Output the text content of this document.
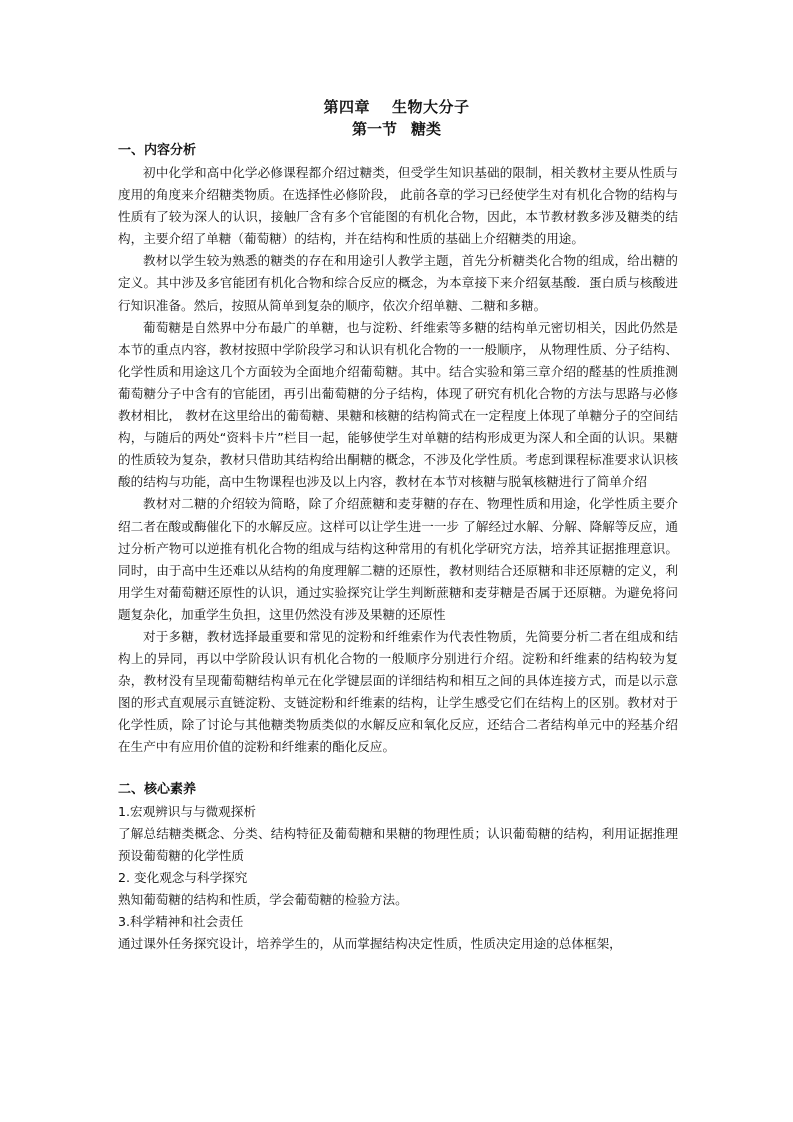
第四章 生物大分子
第一节 糖类
一、内容分析

初中化学和高中化学必修课程都介绍过糖类，但受学生知识基础的限制，相关教材主要从性质与度用的角度来介绍糖类物质。在选择性必修阶段， 此前各章的学习已经使学生对有机化合物的结构与性质有了较为深人的认识，接触厂含有多个官能图的有机化合物，因此，本节教材教多涉及糖类的结构，主要介绍了单糖（葡萄糖）的结构，并在结构和性质的基础上介绍糖类的用途。

教材以学生较为熟悉的糖类的存在和用途引人教学主题，首先分析糖类化合物的组成，给出糖的定义。其中涉及多官能团有机化合物和综合反应的概念，为本章接下来介绍氨基酸．蛋白质与核酸进行知识准备。然后，按照从简单到复杂的顺序，依次介绍单糖、二糖和多糖。

葡萄糖是自然界中分布最广的单糖，也与淀粉、纤维索等多糖的结构单元密切相关，因此仍然是本节的重点内容，教材按照中学阶段学习和认识有机化合物的一一般顺序， 从物理性质、分子结构、化学性质和用途这几个方面较为全面地介绍葡萄糖。其中。结合实验和第三章介绍的醛基的性质推测葡萄糖分子中含有的官能团，再引出葡萄糖的分子结构，体现了研究有机化合物的方法与思路与必修教材相比， 教材在这里给出的葡萄糖、果糖和核糖的结构简式在一定程度上体现了单糖分子的空间结构，与随后的两处“资料卡片”栏目一起，能够使学生对单糖的结构形成更为深人和全面的认识。果糖的性质较为复杂，教材只借助其结构给出酮糖的概念，不涉及化学性质。考虑到课程标准要求认识核酸的结构与功能，高中生物课程也涉及以上内容，教材在本节对核糖与脱氧核糖进行了简单介绍

教材对二糖的介绍较为简略，除了介绍蔗糖和麦芽糖的存在、物理性质和用途，化学性质主要介绍二者在酸或酶催化下的水解反应。这样可以让学生进一一步 了解经过水解、分解、降解等反应，通过分析产物可以逆推有机化合物的组成与结构这种常用的有机化学研究方法，培养其证据推理意识。同时，由于高中生还难以从结构的角度理解二糖的还原性，教材则结合还原糖和非还原糖的定义，利用学生对葡萄糖还原性的认识，通过实验探究让学生判断蔗糖和麦芽糖是否属于还原糖。为避免将问题复杂化，加重学生负担，这里仍然没有涉及果糖的还原性

对于多糖，教材选择最重要和常见的淀粉和纤维索作为代表性物质，先简要分析二者在组成和结构上的异同，再以中学阶段认识有机化合物的一般顺序分别进行介绍。淀粉和纤维素的结构较为复杂，教材没有呈现葡萄糖结构单元在化学键层面的详细结构和相互之间的具体连接方式，而是以示意图的形式直观展示直链淀粉、支链淀粉和纤维素的结构，让学生感受它们在结构上的区别。教材对于化学性质，除了讨论与其他糖类物质类似的水解反应和氧化反应，还结合二者结构单元中的羟基介绍在生产中有应用价值的淀粉和纤维素的酯化反应。

二、核心素养

1.宏观辨识与与微观探析

了解总结糖类概念、分类、结构特征及葡萄糖和果糖的物理性质；认识葡萄糖的结构，利用证据推理预设葡萄糖的化学性质

2. 变化观念与科学探究

熟知葡萄糖的结构和性质，学会葡萄糖的检验方法。

3.科学精神和社会责任

通过课外任务探究设计，培养学生的，从而掌握结构决定性质，性质决定用途的总体框架，
